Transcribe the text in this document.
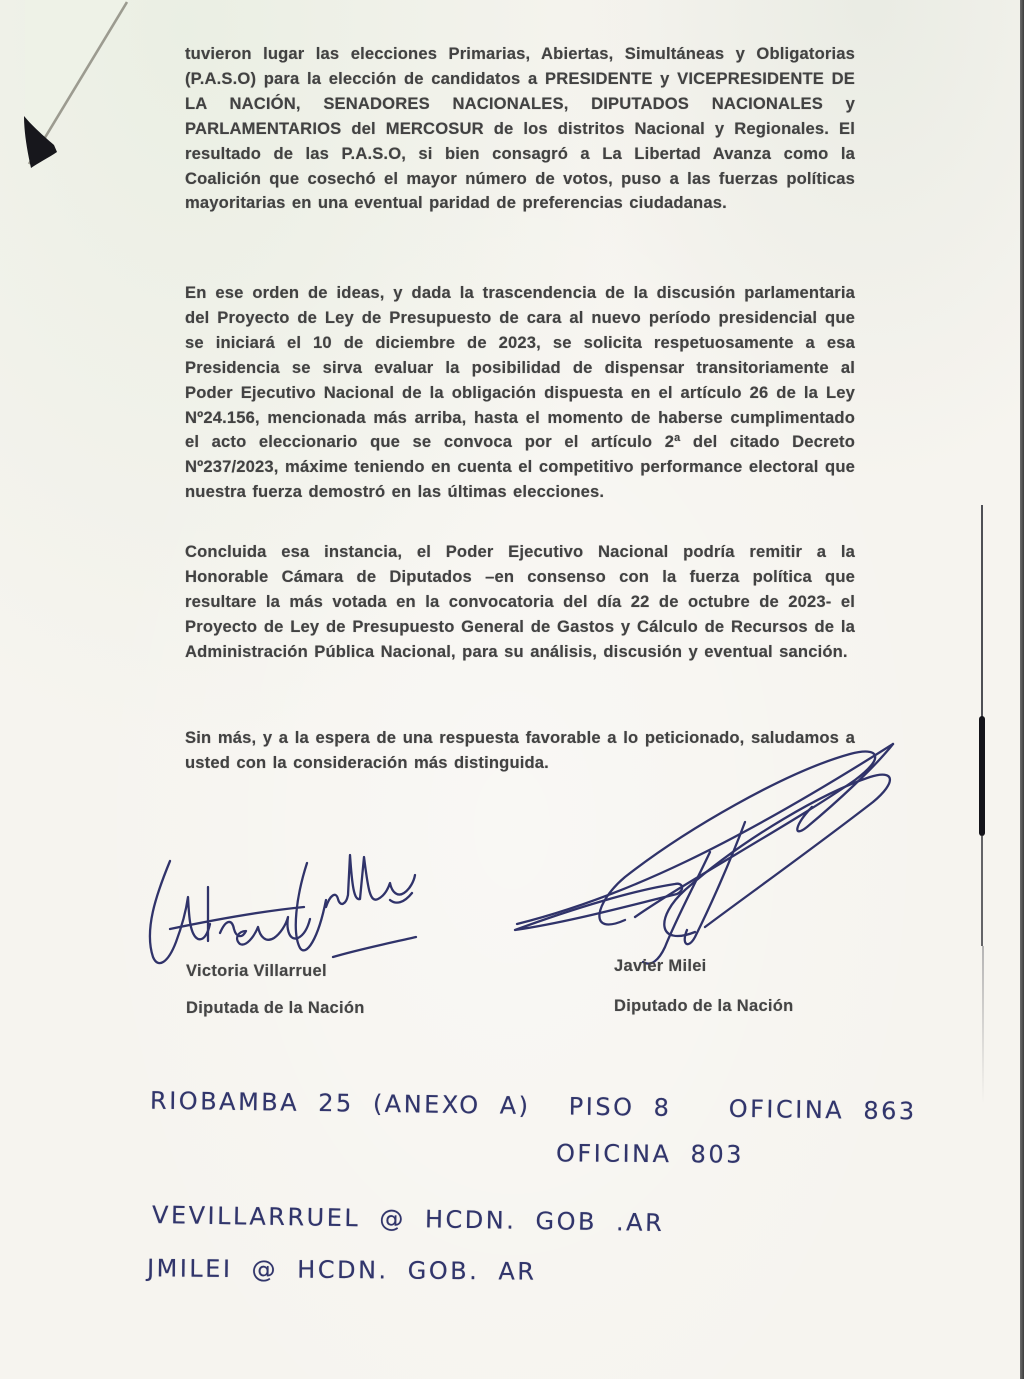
tuvieron lugar las elecciones Primarias, Abiertas, Simultáneas y Obligatorias (P.A.S.O) para la elección de candidatos a PRESIDENTE y VICEPRESIDENTE DE LA NACIÓN, SENADORES NACIONALES, DIPUTADOS NACIONALES y PARLAMENTARIOS del MERCOSUR de los distritos Nacional y Regionales. El resultado de las P.A.S.O, si bien consagró a La Libertad Avanza como la Coalición que cosechó el mayor número de votos, puso a las fuerzas políticas mayoritarias en una eventual paridad de preferencias ciudadanas.
En ese orden de ideas, y dada la trascendencia de la discusión parlamentaria del Proyecto de Ley de Presupuesto de cara al nuevo período presidencial que se iniciará el 10 de diciembre de 2023, se solicita respetuosamente a esa Presidencia se sirva evaluar la posibilidad de dispensar transitoriamente al Poder Ejecutivo Nacional de la obligación dispuesta en el artículo 26 de la Ley Nº24.156, mencionada más arriba, hasta el momento de haberse cumplimentado el acto eleccionario que se convoca por el artículo 2ª del citado Decreto Nº237/2023, máxime teniendo en cuenta el competitivo performance electoral que nuestra fuerza demostró en las últimas elecciones.
Concluida esa instancia, el Poder Ejecutivo Nacional podría remitir a la Honorable Cámara de Diputados –en consenso con la fuerza política que resultare la más votada en la convocatoria del día 22 de octubre de 2023- el Proyecto de Ley de Presupuesto General de Gastos y Cálculo de Recursos de la Administración Pública Nacional, para su análisis, discusión y eventual sanción.
Sin más, y a la espera de una respuesta favorable a lo peticionado, saludamos a usted con la consideración más distinguida.
Victoria Villarruel
Diputada de la Nación
Javier Milei
Diputado de la Nación
RIOBAMBA 25 (ANEXO A)  PISO 8   OFICINA 863
OFICINA 803
VEVILLARRUEL @ HCDN. GOB .AR
JMILEI @ HCDN. GOB. AR
